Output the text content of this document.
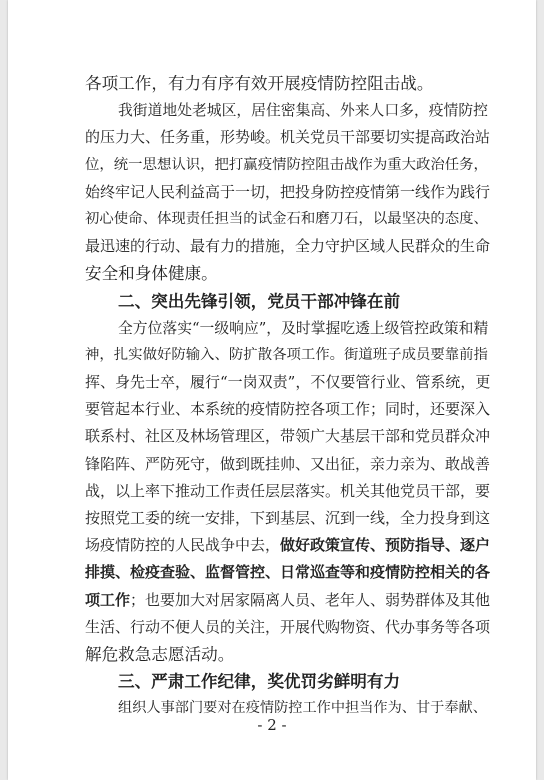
各项工作，有力有序有效开展疫情防控阻击战。
我街道地处老城区，居住密集高、外来人口多，疫情防控
的压力大、任务重，形势峻。机关党员干部要切实提高政治站
位，统一思想认识，把打赢疫情防控阻击战作为重大政治任务，
始终牢记人民利益高于一切，把投身防控疫情第一线作为践行
初心使命、体现责任担当的试金石和磨刀石，以最坚决的态度、
最迅速的行动、最有力的措施，全力守护区域人民群众的生命
安全和身体健康。
二、突出先锋引领，党员干部冲锋在前
全方位落实“一级响应”，及时掌握吃透上级管控政策和精
神，扎实做好防输入、防扩散各项工作。街道班子成员要靠前指
挥、身先士卒，履行“一岗双责”，不仅要管行业、管系统，更
要管起本行业、本系统的疫情防控各项工作；同时，还要深入
联系村、社区及林场管理区，带领广大基层干部和党员群众冲
锋陷阵、严防死守，做到既挂帅、又出征，亲力亲为、敢战善
战，以上率下推动工作责任层层落实。机关其他党员干部，要
按照党工委的统一安排，下到基层、沉到一线，全力投身到这
场疫情防控的人民战争中去，做好政策宣传、预防指导、逐户
排摸、检疫查验、监督管控、日常巡查等和疫情防控相关的各
项工作；也要加大对居家隔离人员、老年人、弱势群体及其他
生活、行动不便人员的关注，开展代购物资、代办事务等各项
解危救急志愿活动。
三、严肃工作纪律，奖优罚劣鲜明有力
组织人事部门要对在疫情防控工作中担当作为、甘于奉献、
- 2 -
